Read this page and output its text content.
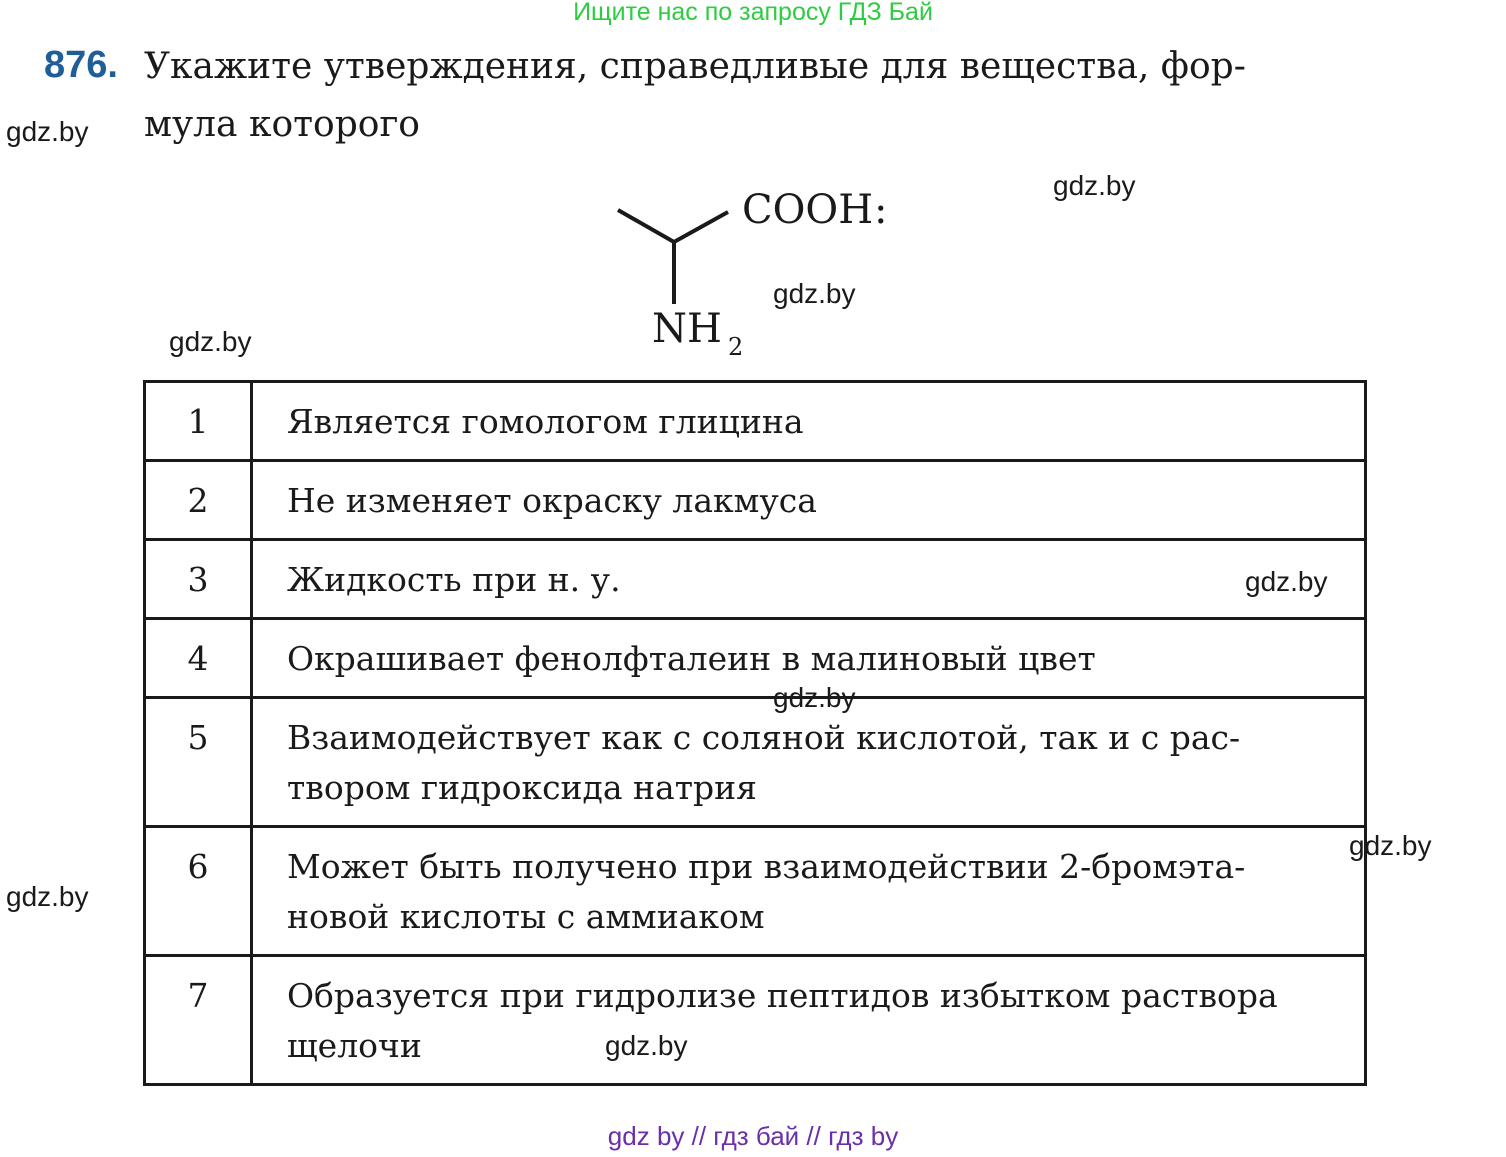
Ищите нас по запросу ГДЗ Бай
876. Укажите утверждения, справедливые для вещества, фор-
мула которого
COOH :
NH 2
1	Является гомологом глицина
2	Не изменяет окраску лакмуса
3	Жидкость при н. у.
4	Окрашивает фенолфталеин в малиновый цвет
5	Взаимодействует как с соляной кислотой, так и с рас-твором гидроксида натрия
6	Может быть получено при взаимодействии 2-бромэта-новой кислоты с аммиаком
7	Образуется при гидролизе пептидов избытком раствора щелочи
gdz.by
gdz.by
gdz.by
gdz.by
gdz.by
gdz.by
gdz.by
gdz.by
gdz.by
gdz by // гдз бай // гдз by
